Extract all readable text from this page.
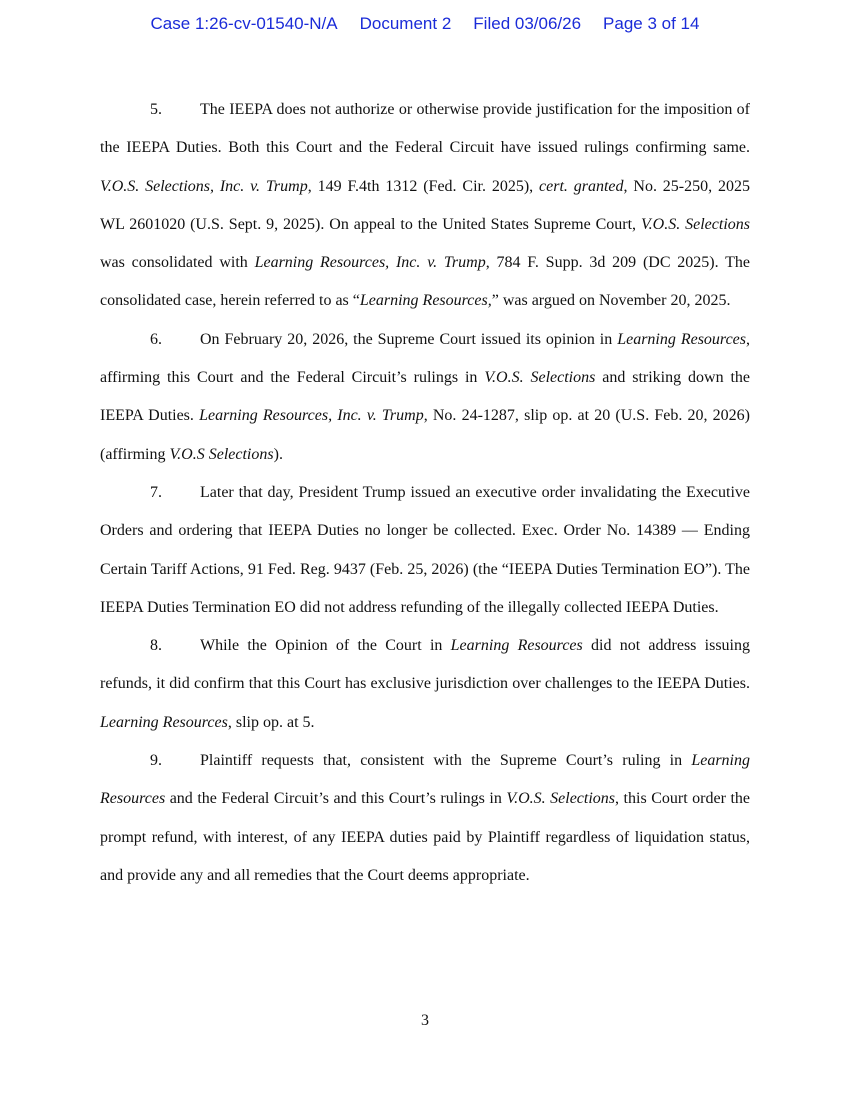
Case 1:26-cv-01540-N/A Document 2 Filed 03/06/26 Page 3 of 14

5. The IEEPA does not authorize or otherwise provide justification for the imposition of the IEEPA Duties. Both this Court and the Federal Circuit have issued rulings confirming same. V.O.S. Selections, Inc. v. Trump, 149 F.4th 1312 (Fed. Cir. 2025), cert. granted, No. 25-250, 2025 WL 2601020 (U.S. Sept. 9, 2025). On appeal to the United States Supreme Court, V.O.S. Selections was consolidated with Learning Resources, Inc. v. Trump, 784 F. Supp. 3d 209 (DC 2025). The consolidated case, herein referred to as “Learning Resources,” was argued on November 20, 2025.

6. On February 20, 2026, the Supreme Court issued its opinion in Learning Resources, affirming this Court and the Federal Circuit’s rulings in V.O.S. Selections and striking down the IEEPA Duties. Learning Resources, Inc. v. Trump, No. 24-1287, slip op. at 20 (U.S. Feb. 20, 2026) (affirming V.O.S Selections).

7. Later that day, President Trump issued an executive order invalidating the Executive Orders and ordering that IEEPA Duties no longer be collected. Exec. Order No. 14389 — Ending Certain Tariff Actions, 91 Fed. Reg. 9437 (Feb. 25, 2026) (the “IEEPA Duties Termination EO”). The IEEPA Duties Termination EO did not address refunding of the illegally collected IEEPA Duties.

8. While the Opinion of the Court in Learning Resources did not address issuing refunds, it did confirm that this Court has exclusive jurisdiction over challenges to the IEEPA Duties. Learning Resources, slip op. at 5.

9. Plaintiff requests that, consistent with the Supreme Court’s ruling in Learning Resources and the Federal Circuit’s and this Court’s rulings in V.O.S. Selections, this Court order the prompt refund, with interest, of any IEEPA duties paid by Plaintiff regardless of liquidation status, and provide any and all remedies that the Court deems appropriate.

3
